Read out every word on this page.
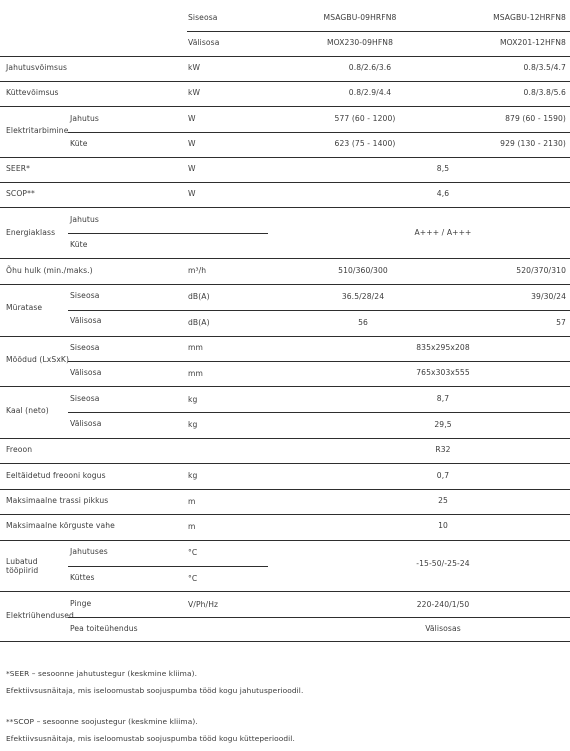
Siseosa	MSAGBU-09HRFN8	MSAGBU-12HRFN8
Välisosa	MOX230-09HFN8	MOX201-12HFN8
Jahutusvõimsus	kW	0.8/2.6/3.6	0.8/3.5/4.7
Küttevõimsus	kW	0.8/2.9/4.4	0.8/3.8/5.6
Elektritarbimine
Jahutus	W	577 (60 - 1200)	879 (60 - 1590)
Küte	W	623 (75 - 1400)	929 (130 - 2130)
SEER*	W	8,5
SCOP**	W	4,6
Energiaklass
Jahutus
Küte
A+++ / A+++
Õhu hulk (min./maks.)	m³/h	510/360/300	520/370/310
Müratase
Siseosa	dB(A)	36.5/28/24	39/30/24
Välisosa	dB(A)	56	57
Mõõdud (LxSxK)
Siseosa	mm	835x295x208
Välisosa	mm	765x303x555
Kaal (neto)
Siseosa	kg	8,7
Välisosa	kg	29,5
Freoon	R32
Eeltäidetud freooni kogus	kg	0,7
Maksimaalne trassi pikkus	m	25
Maksimaalne kõrguste vahe	m	10
Lubatud
tööpiirid
Jahutuses	°C
Küttes	°C
-15-50/-25-24
Elektriühendused
Pinge	V/Ph/Hz	220-240/1/50
Pea toiteühendus	Välisosas
*SEER – sesoonne jahutustegur (keskmine kliima).
Efektiivsusnäitaja, mis iseloomustab soojuspumba tööd kogu jahutusperioodil.
**SCOP – sesoonne soojustegur (keskmine kliima).
Efektiivsusnäitaja, mis iseloomustab soojuspumba tööd kogu kütteperioodil.
